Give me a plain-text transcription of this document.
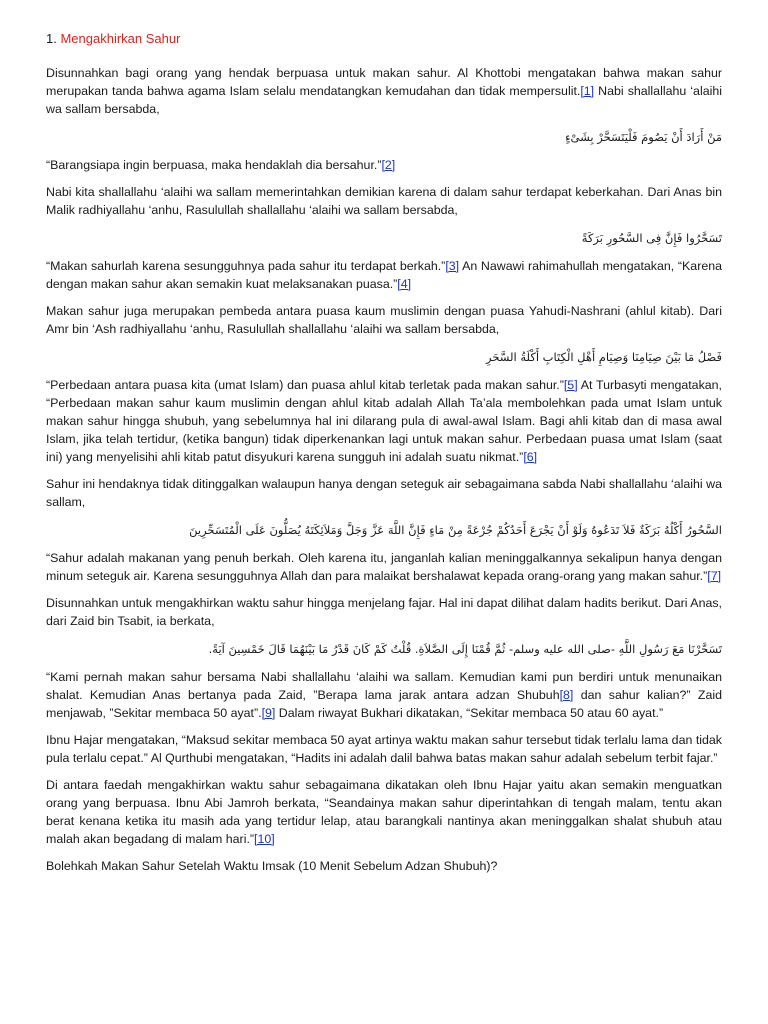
1. Mengakhirkan Sahur

Disunnahkan bagi orang yang hendak berpuasa untuk makan sahur. Al Khottobi mengatakan bahwa makan sahur merupakan tanda bahwa agama Islam selalu mendatangkan kemudahan dan tidak mempersulit.[1] Nabi shallallahu ‘alaihi wa sallam bersabda,

مَنْ أَرَادَ أَنْ يَصُومَ فَلْيَتَسَحَّرْ بِشَىْءٍ

“Barangsiapa ingin berpuasa, maka hendaklah dia bersahur.”[2]

Nabi kita shallallahu ‘alaihi wa sallam memerintahkan demikian karena di dalam sahur terdapat keberkahan. Dari Anas bin Malik radhiyallahu ‘anhu, Rasulullah shallallahu ‘alaihi wa sallam bersabda,

تَسَحَّرُوا فَإِنَّ فِى السَّحُورِ بَرَكَةً

“Makan sahurlah karena sesungguhnya pada sahur itu terdapat berkah.”[3] An Nawawi rahimahullah mengatakan, “Karena dengan makan sahur akan semakin kuat melaksanakan puasa.”[4]

Makan sahur juga merupakan pembeda antara puasa kaum muslimin dengan puasa Yahudi-Nashrani (ahlul kitab). Dari Amr bin ‘Ash radhiyallahu ‘anhu, Rasulullah shallallahu ‘alaihi wa sallam bersabda,

فَصْلُ مَا بَيْنَ صِيَامِنَا وَصِيَامِ أَهْلِ الْكِتَابِ أَكْلَةُ السَّحَرِ

“Perbedaan antara puasa kita (umat Islam) dan puasa ahlul kitab terletak pada makan sahur.”[5] At Turbasyti mengatakan, “Perbedaan makan sahur kaum muslimin dengan ahlul kitab adalah Allah Ta’ala membolehkan pada umat Islam untuk makan sahur hingga shubuh, yang sebelumnya hal ini dilarang pula di awal-awal Islam. Bagi ahli kitab dan di masa awal Islam, jika telah tertidur, (ketika bangun) tidak diperkenankan lagi untuk makan sahur. Perbedaan puasa umat Islam (saat ini) yang menyelisihi ahli kitab patut disyukuri karena sungguh ini adalah suatu nikmat.”[6]

Sahur ini hendaknya tidak ditinggalkan walaupun hanya dengan seteguk air sebagaimana sabda Nabi shallallahu ‘alaihi wa sallam,

السَّحُورُ أَكْلُهُ بَرَكَةٌ فَلاَ تَدَعُوهُ وَلَوْ أَنْ يَجْرَعَ أَحَدُكُمْ جُرْعَةً مِنْ مَاءٍ فَإِنَّ اللَّهَ عَزَّ وَجَلَّ وَمَلاَئِكَتَهُ يُصَلُّونَ عَلَى الْمُتَسَحِّرِينَ

“Sahur adalah makanan yang penuh berkah. Oleh karena itu, janganlah kalian meninggalkannya sekalipun hanya dengan minum seteguk air. Karena sesungguhnya Allah dan para malaikat bershalawat kepada orang-orang yang makan sahur.”[7]

Disunnahkan untuk mengakhirkan waktu sahur hingga menjelang fajar. Hal ini dapat dilihat dalam hadits berikut. Dari Anas, dari Zaid bin Tsabit, ia berkata,

تَسَحَّرْنَا مَعَ رَسُولِ اللَّهِ -صلى الله عليه وسلم- ثُمَّ قُمْنَا إِلَى الصَّلاَةِ. قُلْتُ كَمْ كَانَ قَدْرُ مَا بَيْنَهُمَا قَالَ خَمْسِينَ آيَةً.

“Kami pernah makan sahur bersama Nabi shallallahu ‘alaihi wa sallam. Kemudian kami pun berdiri untuk menunaikan shalat. Kemudian Anas bertanya pada Zaid, ”Berapa lama jarak antara adzan Shubuh[8] dan sahur kalian?” Zaid menjawab, ”Sekitar membaca 50 ayat”.[9] Dalam riwayat Bukhari dikatakan, “Sekitar membaca 50 atau 60 ayat.”

Ibnu Hajar mengatakan, “Maksud sekitar membaca 50 ayat artinya waktu makan sahur tersebut tidak terlalu lama dan tidak pula terlalu cepat.” Al Qurthubi mengatakan, “Hadits ini adalah dalil bahwa batas makan sahur adalah sebelum terbit fajar.”

Di antara faedah mengakhirkan waktu sahur sebagaimana dikatakan oleh Ibnu Hajar yaitu akan semakin menguatkan orang yang berpuasa. Ibnu Abi Jamroh berkata, “Seandainya makan sahur diperintahkan di tengah malam, tentu akan berat kenana ketika itu masih ada yang tertidur lelap, atau barangkali nantinya akan meninggalkan shalat shubuh atau malah akan begadang di malam hari.”[10]

Bolehkah Makan Sahur Setelah Waktu Imsak (10 Menit Sebelum Adzan Shubuh)?
